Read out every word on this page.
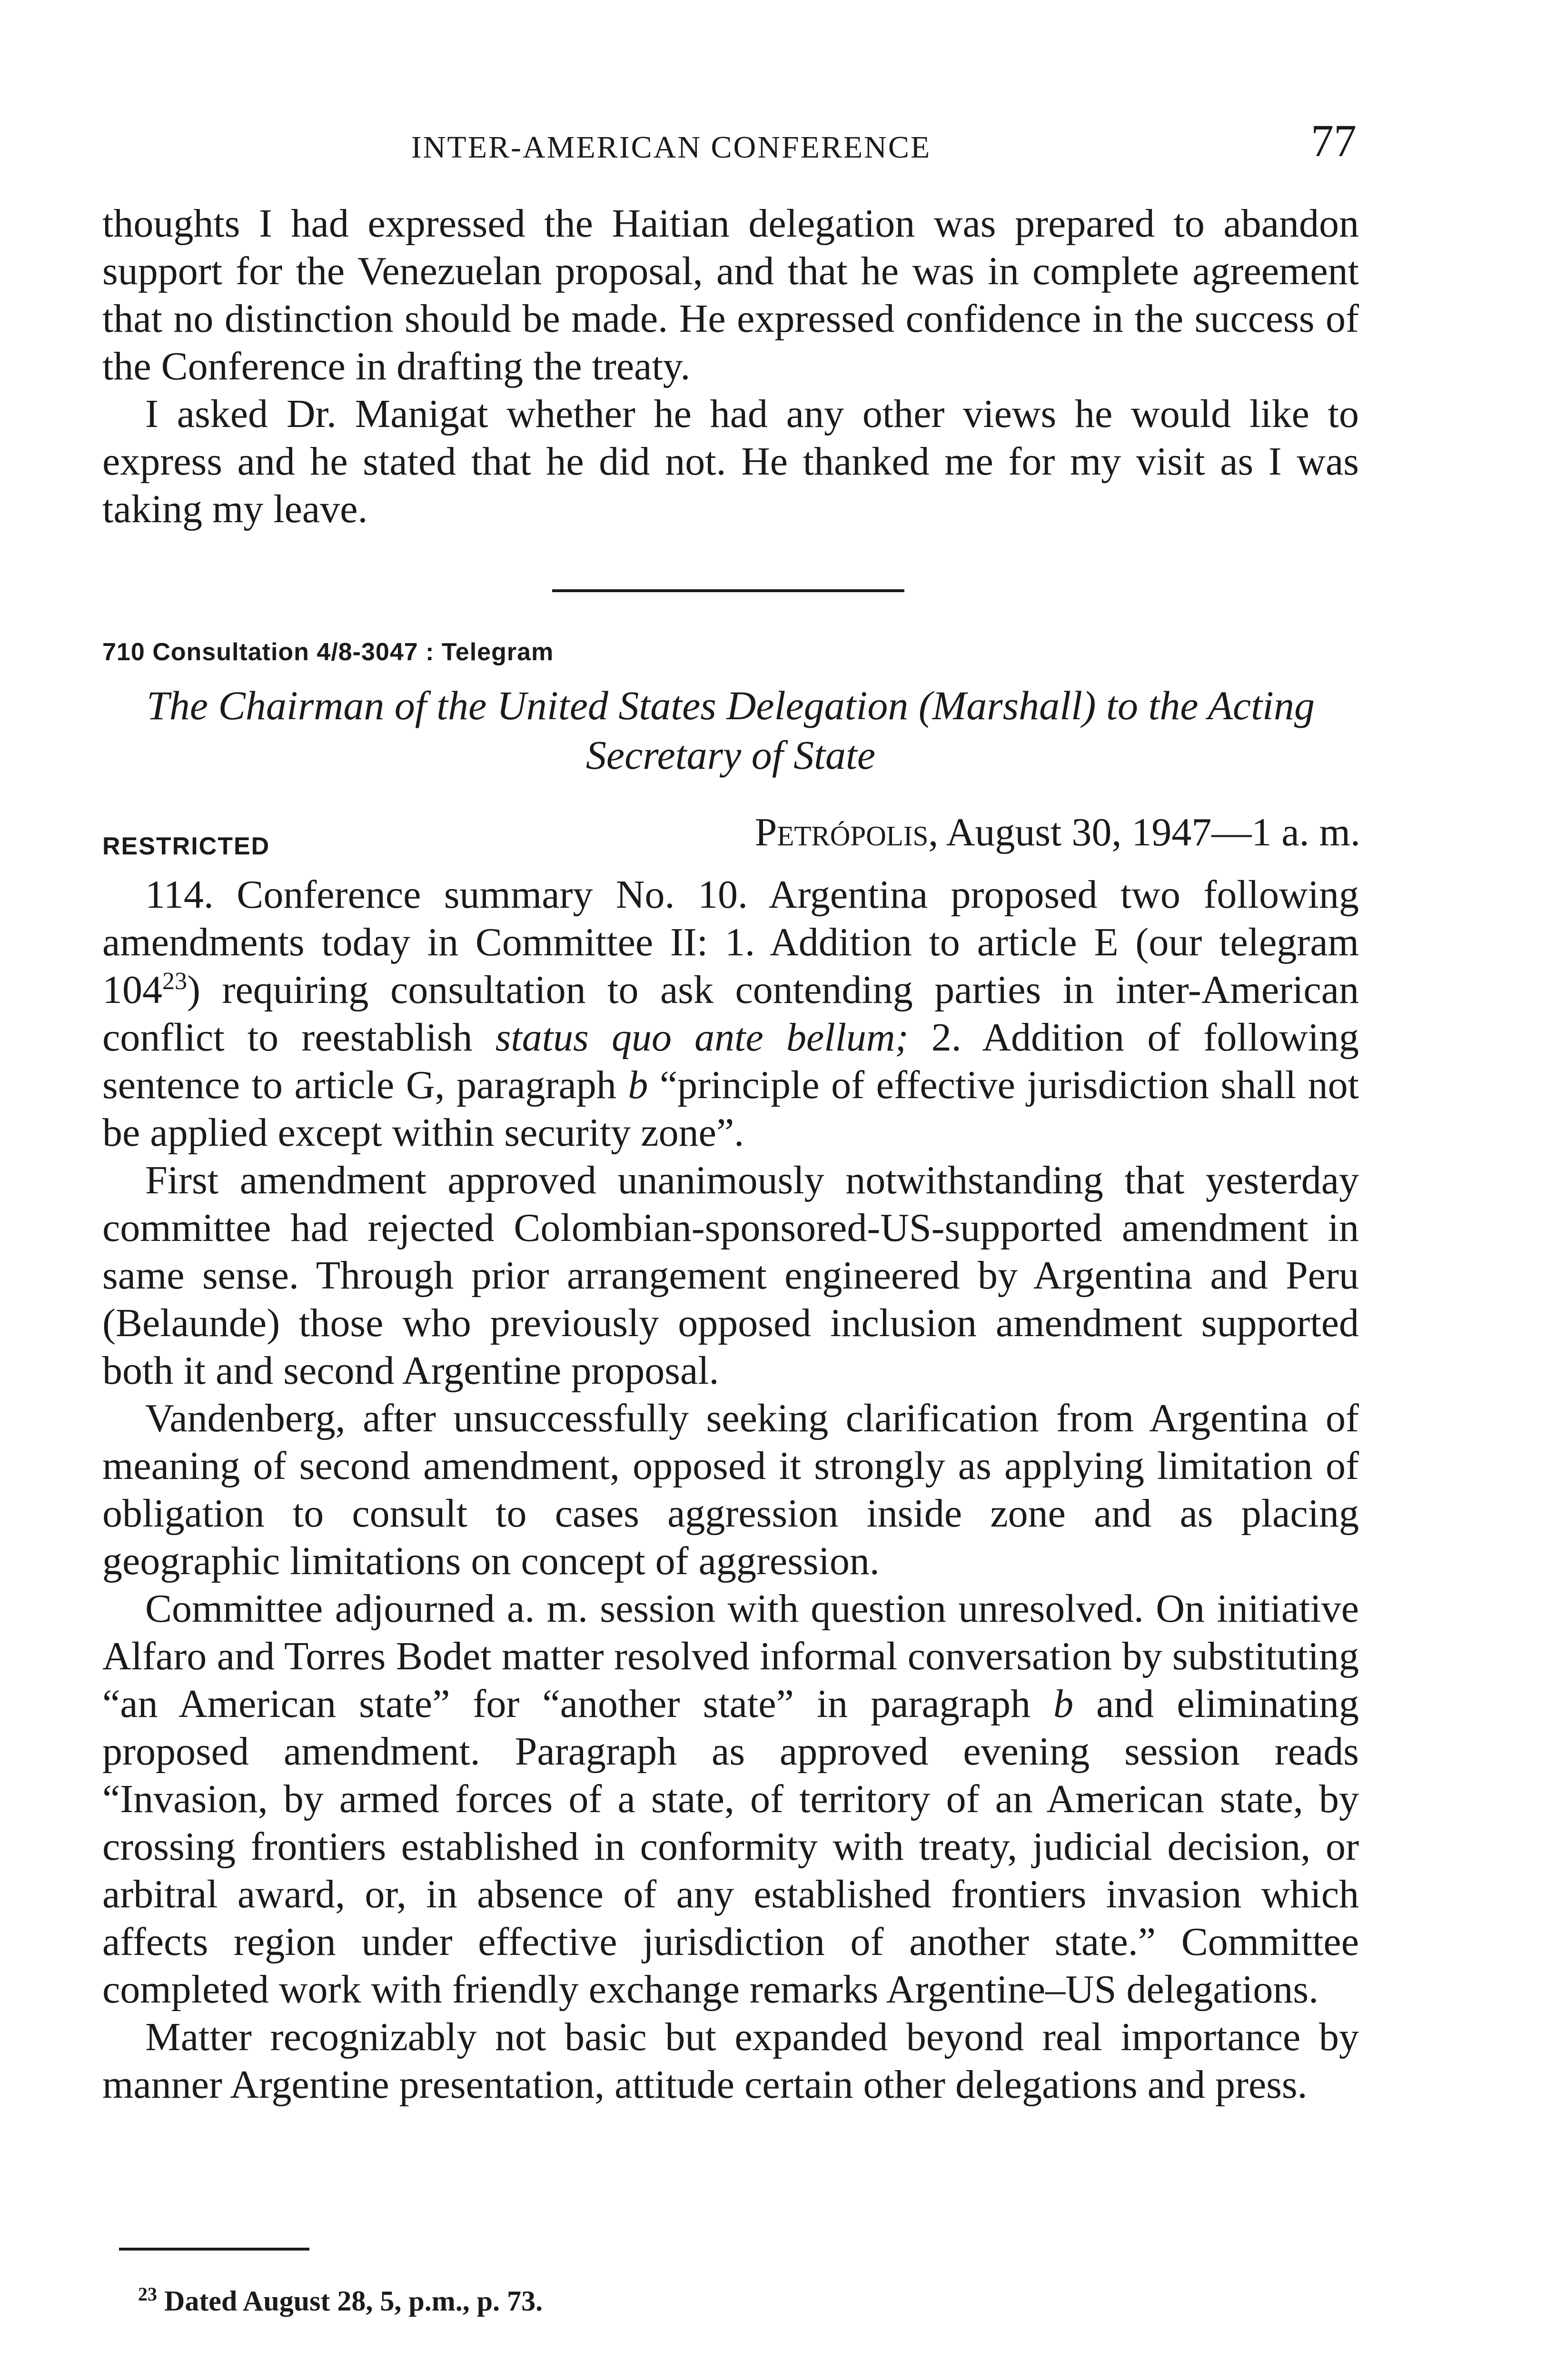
INTER-AMERICAN CONFERENCE	77

thoughts I had expressed the Haitian delegation was prepared to abandon support for the Venezuelan proposal, and that he was in complete agreement that no distinction should be made. He expressed confidence in the success of the Conference in drafting the treaty.

I asked Dr. Manigat whether he had any other views he would like to express and he stated that he did not. He thanked me for my visit as I was taking my leave.

710 Consultation 4/8-3047 : Telegram
The Chairman of the United States Delegation (Marshall) to the Acting Secretary of State
RESTRICTED	Petrópolis, August 30, 1947—1 a. m.

114. Conference summary No. 10. Argentina proposed two following amendments today in Committee II: 1. Addition to article E (our telegram $104^{23}$) requiring consultation to ask contending parties in inter-American conflict to reestablish status quo ante bellum; 2. Addition of following sentence to article G, paragraph b “principle of effective jurisdiction shall not be applied except within security zone”.

First amendment approved unanimously notwithstanding that yesterday committee had rejected Colombian-sponsored-US-supported amendment in same sense. Through prior arrangement engineered by Argentina and Peru (Belaunde) those who previously opposed inclusion amendment supported both it and second Argentine proposal.

Vandenberg, after unsuccessfully seeking clarification from Argentina of meaning of second amendment, opposed it strongly as applying limitation of obligation to consult to cases aggression inside zone and as placing geographic limitations on concept of aggression.

Committee adjourned a. m. session with question unresolved. On initiative Alfaro and Torres Bodet matter resolved informal conversation by substituting “an American state” for “another state” in paragraph b and eliminating proposed amendment. Paragraph as approved evening session reads “Invasion, by armed forces of a state, of territory of an American state, by crossing frontiers established in conformity with treaty, judicial decision, or arbitral award, or, in absence of any established frontiers invasion which affects region under effective jurisdiction of another state.” Committee completed work with friendly exchange remarks Argentine–US delegations.

Matter recognizably not basic but expanded beyond real importance by manner Argentine presentation, attitude certain other delegations and press.

$^{23}$ Dated August 28, 5, p.m., p. 73.
